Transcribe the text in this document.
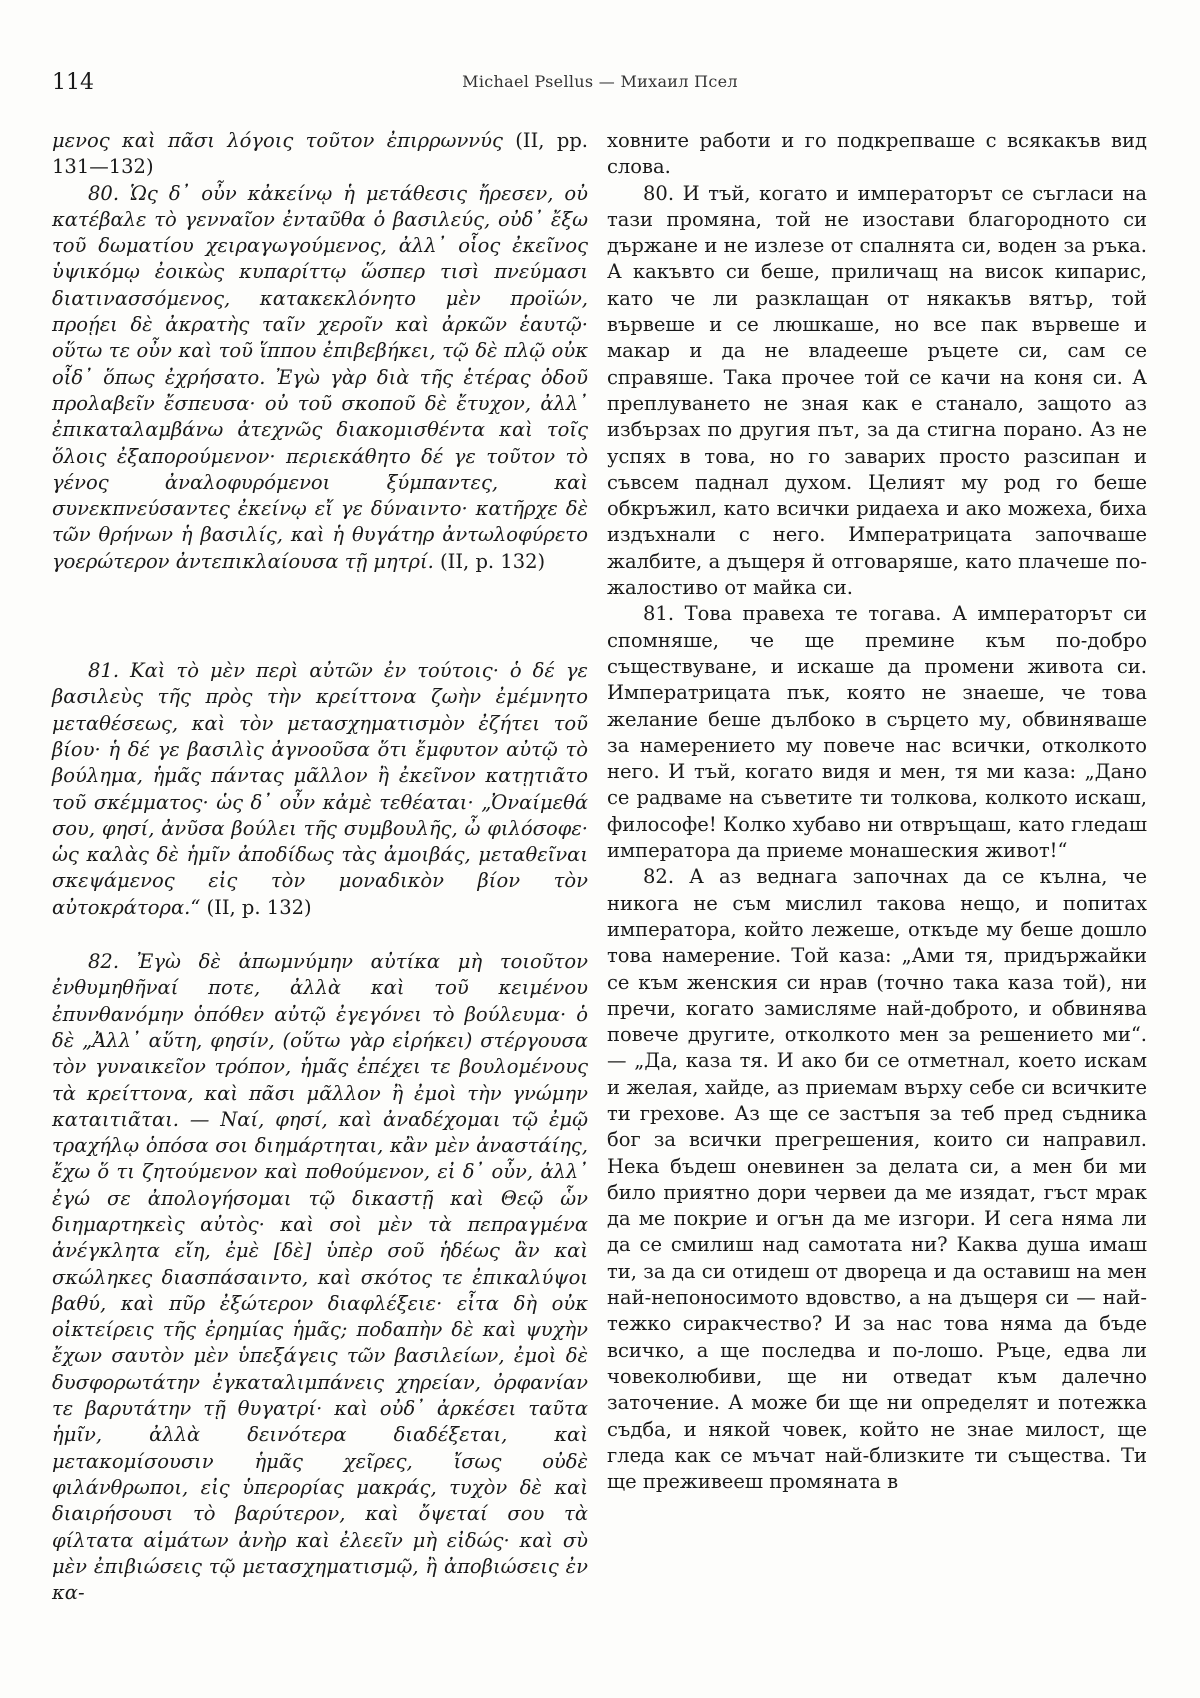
114	Michael Psellus — Михаил Псел

μενος καὶ πᾶσι λόγοις τοῦτον ἐπιρρωννύς (II, pp. 131—132)

80. Ὡς δ᾽ οὖν κἀκείνῳ ἡ μετάθεσις ἤρεσεν, οὐ κατέβαλε τὸ γενναῖον ἐνταῦθα ὁ βασιλεύς, οὐδ᾽ ἔξω τοῦ δωματίου χειραγωγούμενος, ἀλλ᾽ οἷος ἐκεῖνος ὑψικόμῳ ἐοικὼς κυπαρίττῳ ὥσπερ τισὶ πνεύμασι διατινασσόμενος, κατακεκλόνητο μὲν προϊών, προῄει δὲ ἀκρατὴς ταῖν χεροῖν καὶ ἀρκῶν ἑαυτῷ· οὕτω τε οὖν καὶ τοῦ ἵππου ἐπιβεβήκει, τῷ δὲ πλῷ οὐκ οἶδ᾽ ὅπως ἐχρήσατο. Ἐγὼ γὰρ διὰ τῆς ἑτέρας ὁδοῦ προλαβεῖν ἔσπευσα· οὐ τοῦ σκοποῦ δὲ ἔτυχον, ἀλλ᾽ ἐπικαταλαμβάνω ἀτεχνῶς διακομισθέντα καὶ τοῖς ὅλοις ἐξαπορούμενον· περιεκάθητο δέ γε τοῦτον τὸ γένος ἀναλοφυρόμενοι ξύμπαντες, καὶ συνεκπνεύσαντες ἐκείνῳ εἴ γε δύναιντο· κατῆρχε δὲ τῶν θρήνων ἡ βασιλίς, καὶ ἡ θυγάτηρ ἀντωλοφύρετο γοερώτερον ἀντεπικλαίουσα τῇ μητρί. (II, p. 132)

81. Καὶ τὸ μὲν περὶ αὐτῶν ἐν τούτοις· ὁ δέ γε βασιλεὺς τῆς πρὸς τὴν κρείττονα ζωὴν ἐμέμνητο μεταθέσεως, καὶ τὸν μετασχηματισμὸν ἐζήτει τοῦ βίου· ἡ δέ γε βασιλὶς ἀγνοοῦσα ὅτι ἔμφυτον αὐτῷ τὸ βούλημα, ἡμᾶς πάντας μᾶλλον ἢ ἐκεῖνον κατῃτιᾶτο τοῦ σκέμματος· ὡς δ᾽ οὖν κἀμὲ τεθέαται· „Ὀναίμεθά σου, φησί, ἀνῦσα βούλει τῆς συμβουλῆς, ὦ φιλόσοφε· ὡς καλὰς δὲ ἡμῖν ἀποδίδως τὰς ἀμοιβάς, μεταθεῖναι σκεψάμενος εἰς τὸν μοναδικὸν βίον τὸν αὐτοκράτορα.“ (II, p. 132)

82. Ἐγὼ δὲ ἀπωμνύμην αὐτίκα μὴ τοιοῦτον ἐνθυμηθῆναί ποτε, ἀλλὰ καὶ τοῦ κειμένου ἐπυνθανόμην ὁπόθεν αὐτῷ ἐγεγόνει τὸ βούλευμα· ὁ δὲ „Ἀλλ᾽ αὕτη, φησίν, (οὕτω γὰρ εἰρήκει) στέργουσα τὸν γυναικεῖον τρόπον, ἡμᾶς ἐπέχει τε βουλομένους τὰ κρείττονα, καὶ πᾶσι μᾶλλον ἢ ἐμοὶ τὴν γνώμην καταιτιᾶται. — Ναί, φησί, καὶ ἀναδέχομαι τῷ ἐμῷ τραχήλῳ ὁπόσα σοι διημάρτηται, κἂν μὲν ἀναστάίης, ἔχω ὅ τι ζητούμενον καὶ ποθούμενον, εἰ δ᾽ οὖν, ἀλλ᾽ ἐγώ σε ἀπολογήσομαι τῷ δικαστῇ καὶ Θεῷ ὧν διημαρτηκεὶς αὐτὸς· καὶ σοὶ μὲν τὰ πεπραγμένα ἀνέγκλητα εἴη, ἐμὲ [δὲ] ὑπὲρ σοῦ ἡδέως ἂν καὶ σκώληκες διασπάσαιντο, καὶ σκότος τε ἐπικαλύψοι βαθύ, καὶ πῦρ ἐξώτερον διαφλέξειε· εἶτα δὴ οὐκ οἰκτείρεις τῆς ἐρημίας ἡμᾶς; ποδαπὴν δὲ καὶ ψυχὴν ἔχων σαυτὸν μὲν ὑπεξάγεις τῶν βασιλείων, ἐμοὶ δὲ δυσφορωτάτην ἐγκαταλιμπάνεις χηρείαν, ὀρφανίαν τε βαρυτάτην τῇ θυγατρί· καὶ οὐδ᾽ ἀρκέσει ταῦτα ἡμῖν, ἀλλὰ δεινότερα διαδέξεται, καὶ μετακομίσουσιν ἡμᾶς χεῖρες, ἴσως οὐδὲ φιλάνθρωποι, εἰς ὑπερορίας μακράς, τυχὸν δὲ καὶ διαιρήσουσι τὸ βαρύτερον, καὶ ὄψεταί σου τὰ φίλτατα αἱμάτων ἀνὴρ καὶ ἐλεεῖν μὴ εἰδώς· καὶ σὺ μὲν ἐπιβιώσεις τῷ μετασχηματισμῷ, ἢ ἀποβιώσεις ἐν κα-

ховните работи и го подкрепваше с всякакъв вид слова.

80. И тъй, когато и императорът се съгласи на тази промяна, той не изостави благородното си държане и не излезе от спалнята си, воден за ръка. А какъвто си беше, приличащ на висок кипарис, като че ли разклащан от някакъв вятър, той вървеше и се люшкаше, но все пак вървеше и макар и да не владееше ръцете си, сам се справяше. Така прочее той се качи на коня си. А преплуването не зная как е станало, защото аз избързах по другия път, за да стигна порано. Аз не успях в това, но го заварих просто разсипан и съвсем паднал духом. Целият му род го беше обкръжил, като всички ридаеха и ако можеха, биха издъхнали с него. Императрицата започваше жалбите, а дъщеря й отговаряше, като плачеше по-жалостиво от майка си.

81. Това правеха те тогава. А императорът си спомняше, че ще премине към по-добро съществуване, и искаше да промени живота си. Императрицата пък, която не знаеше, че това желание беше дълбоко в сърцето му, обвиняваше за намерението му повече нас всички, отколкото него. И тъй, когато видя и мен, тя ми каза: „Дано се радваме на съветите ти толкова, колкото искаш, философе! Колко хубаво ни отвръщаш, като гледаш императора да приеме монашеския живот!“

82. А аз веднага започнах да се кълна, че никога не съм мислил такова нещо, и попитах императора, който лежеше, откъде му беше дошло това намерение. Той каза: „Ами тя, придържайки се към женския си нрав (точно така каза той), ни пречи, когато замисляме най-доброто, и обвинява повече другите, отколкото мен за решението ми“. — „Да, каза тя. И ако би се отметнал, което искам и желая, хайде, аз приемам върху себе си всичките ти грехове. Аз ще се застъпя за теб пред съдника бог за всички прегрешения, които си направил. Нека бъдеш оневинен за делата си, а мен би ми било приятно дори червеи да ме изядат, гъст мрак да ме покрие и огън да ме изгори. И сега няма ли да се смилиш над самотата ни? Каква душа имаш ти, за да си отидеш от двореца и да оставиш на мен най-непоносимото вдовство, а на дъщеря си — най-тежко сиракчество? И за нас това няма да бъде всичко, а ще последва и по-лошо. Ръце, едва ли човеколюбиви, ще ни отведат към далечно заточение. А може би ще ни определят и потежка съдба, и някой човек, който не знае милост, ще гледа как се мъчат най-близките ти същества. Ти ще преживееш промяната в
